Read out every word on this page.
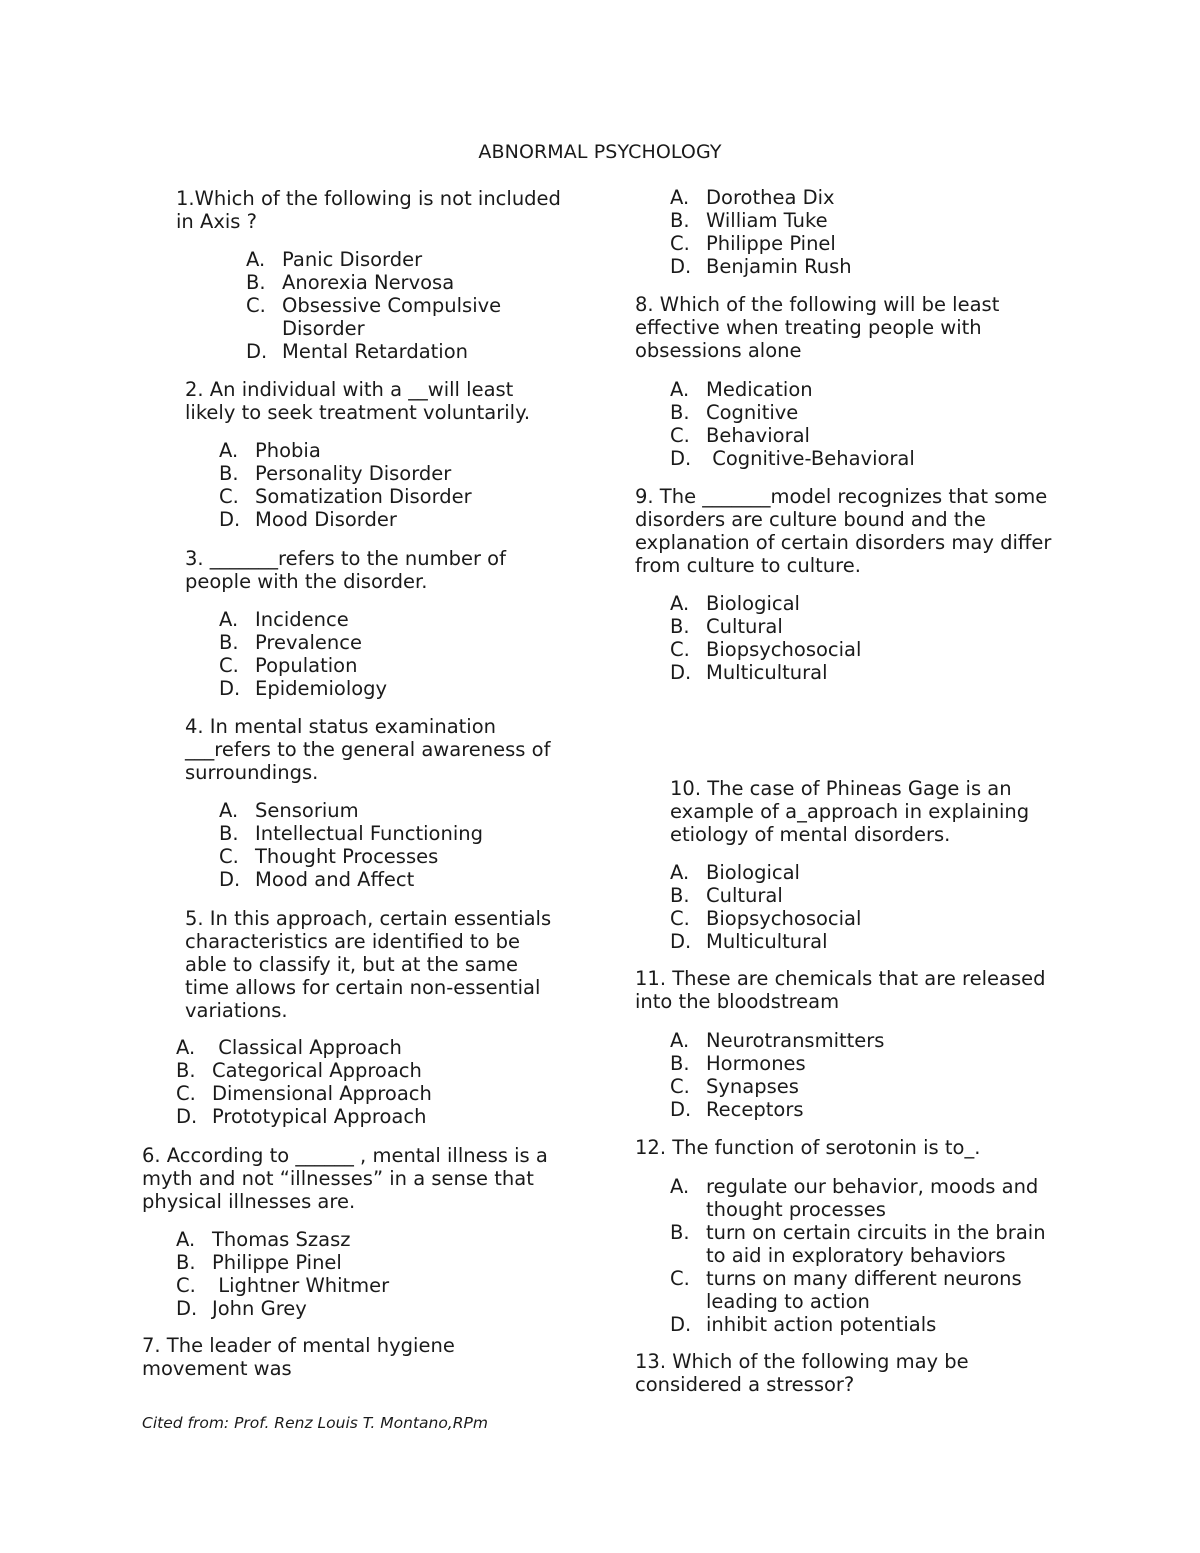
ABNORMAL PSYCHOLOGY
1.Which of the following is not included in Axis ?
A. Panic Disorder
B. Anorexia Nervosa
C. Obsessive Compulsive Disorder
D. Mental Retardation
2. An individual with a __will least likely to seek treatment voluntarily.
A. Phobia
B. Personality Disorder
C. Somatization Disorder
D. Mood Disorder
3. _______refers to the number of people with the disorder.
A. Incidence
B. Prevalence
C. Population
D. Epidemiology
4. In mental status examination ___refers to the general awareness of surroundings.
A. Sensorium
B. Intellectual Functioning
C. Thought Processes
D. Mood and Affect
5. In this approach, certain essentials characteristics are identified to be able to classify it, but at the same time allows for certain non-essential variations.
A. Classical Approach
B. Categorical Approach
C. Dimensional Approach
D. Prototypical Approach
6. According to ______ , mental illness is a myth and not “illnesses” in a sense that physical illnesses are.
A. Thomas Szasz
B. Philippe Pinel
C. Lightner Whitmer
D. John Grey
7. The leader of mental hygiene movement was
A. Dorothea Dix
B. William Tuke
C. Philippe Pinel
D. Benjamin Rush
8. Which of the following will be least effective when treating people with obsessions alone
A. Medication
B. Cognitive
C. Behavioral
D. Cognitive-Behavioral
9. The _______model recognizes that some disorders are culture bound and the explanation of certain disorders may differ from culture to culture.
A. Biological
B. Cultural
C. Biopsychosocial
D. Multicultural
10. The case of Phineas Gage is an example of a_approach in explaining etiology of mental disorders.
A. Biological
B. Cultural
C. Biopsychosocial
D. Multicultural
11. These are chemicals that are released into the bloodstream
A. Neurotransmitters
B. Hormones
C. Synapses
D. Receptors
12. The function of serotonin is to_.
A. regulate our behavior, moods and thought processes
B. turn on certain circuits in the brain to aid in exploratory behaviors
C. turns on many different neurons leading to action
D. inhibit action potentials
13. Which of the following may be considered a stressor?
Cited from: Prof. Renz Louis T. Montano,RPm
